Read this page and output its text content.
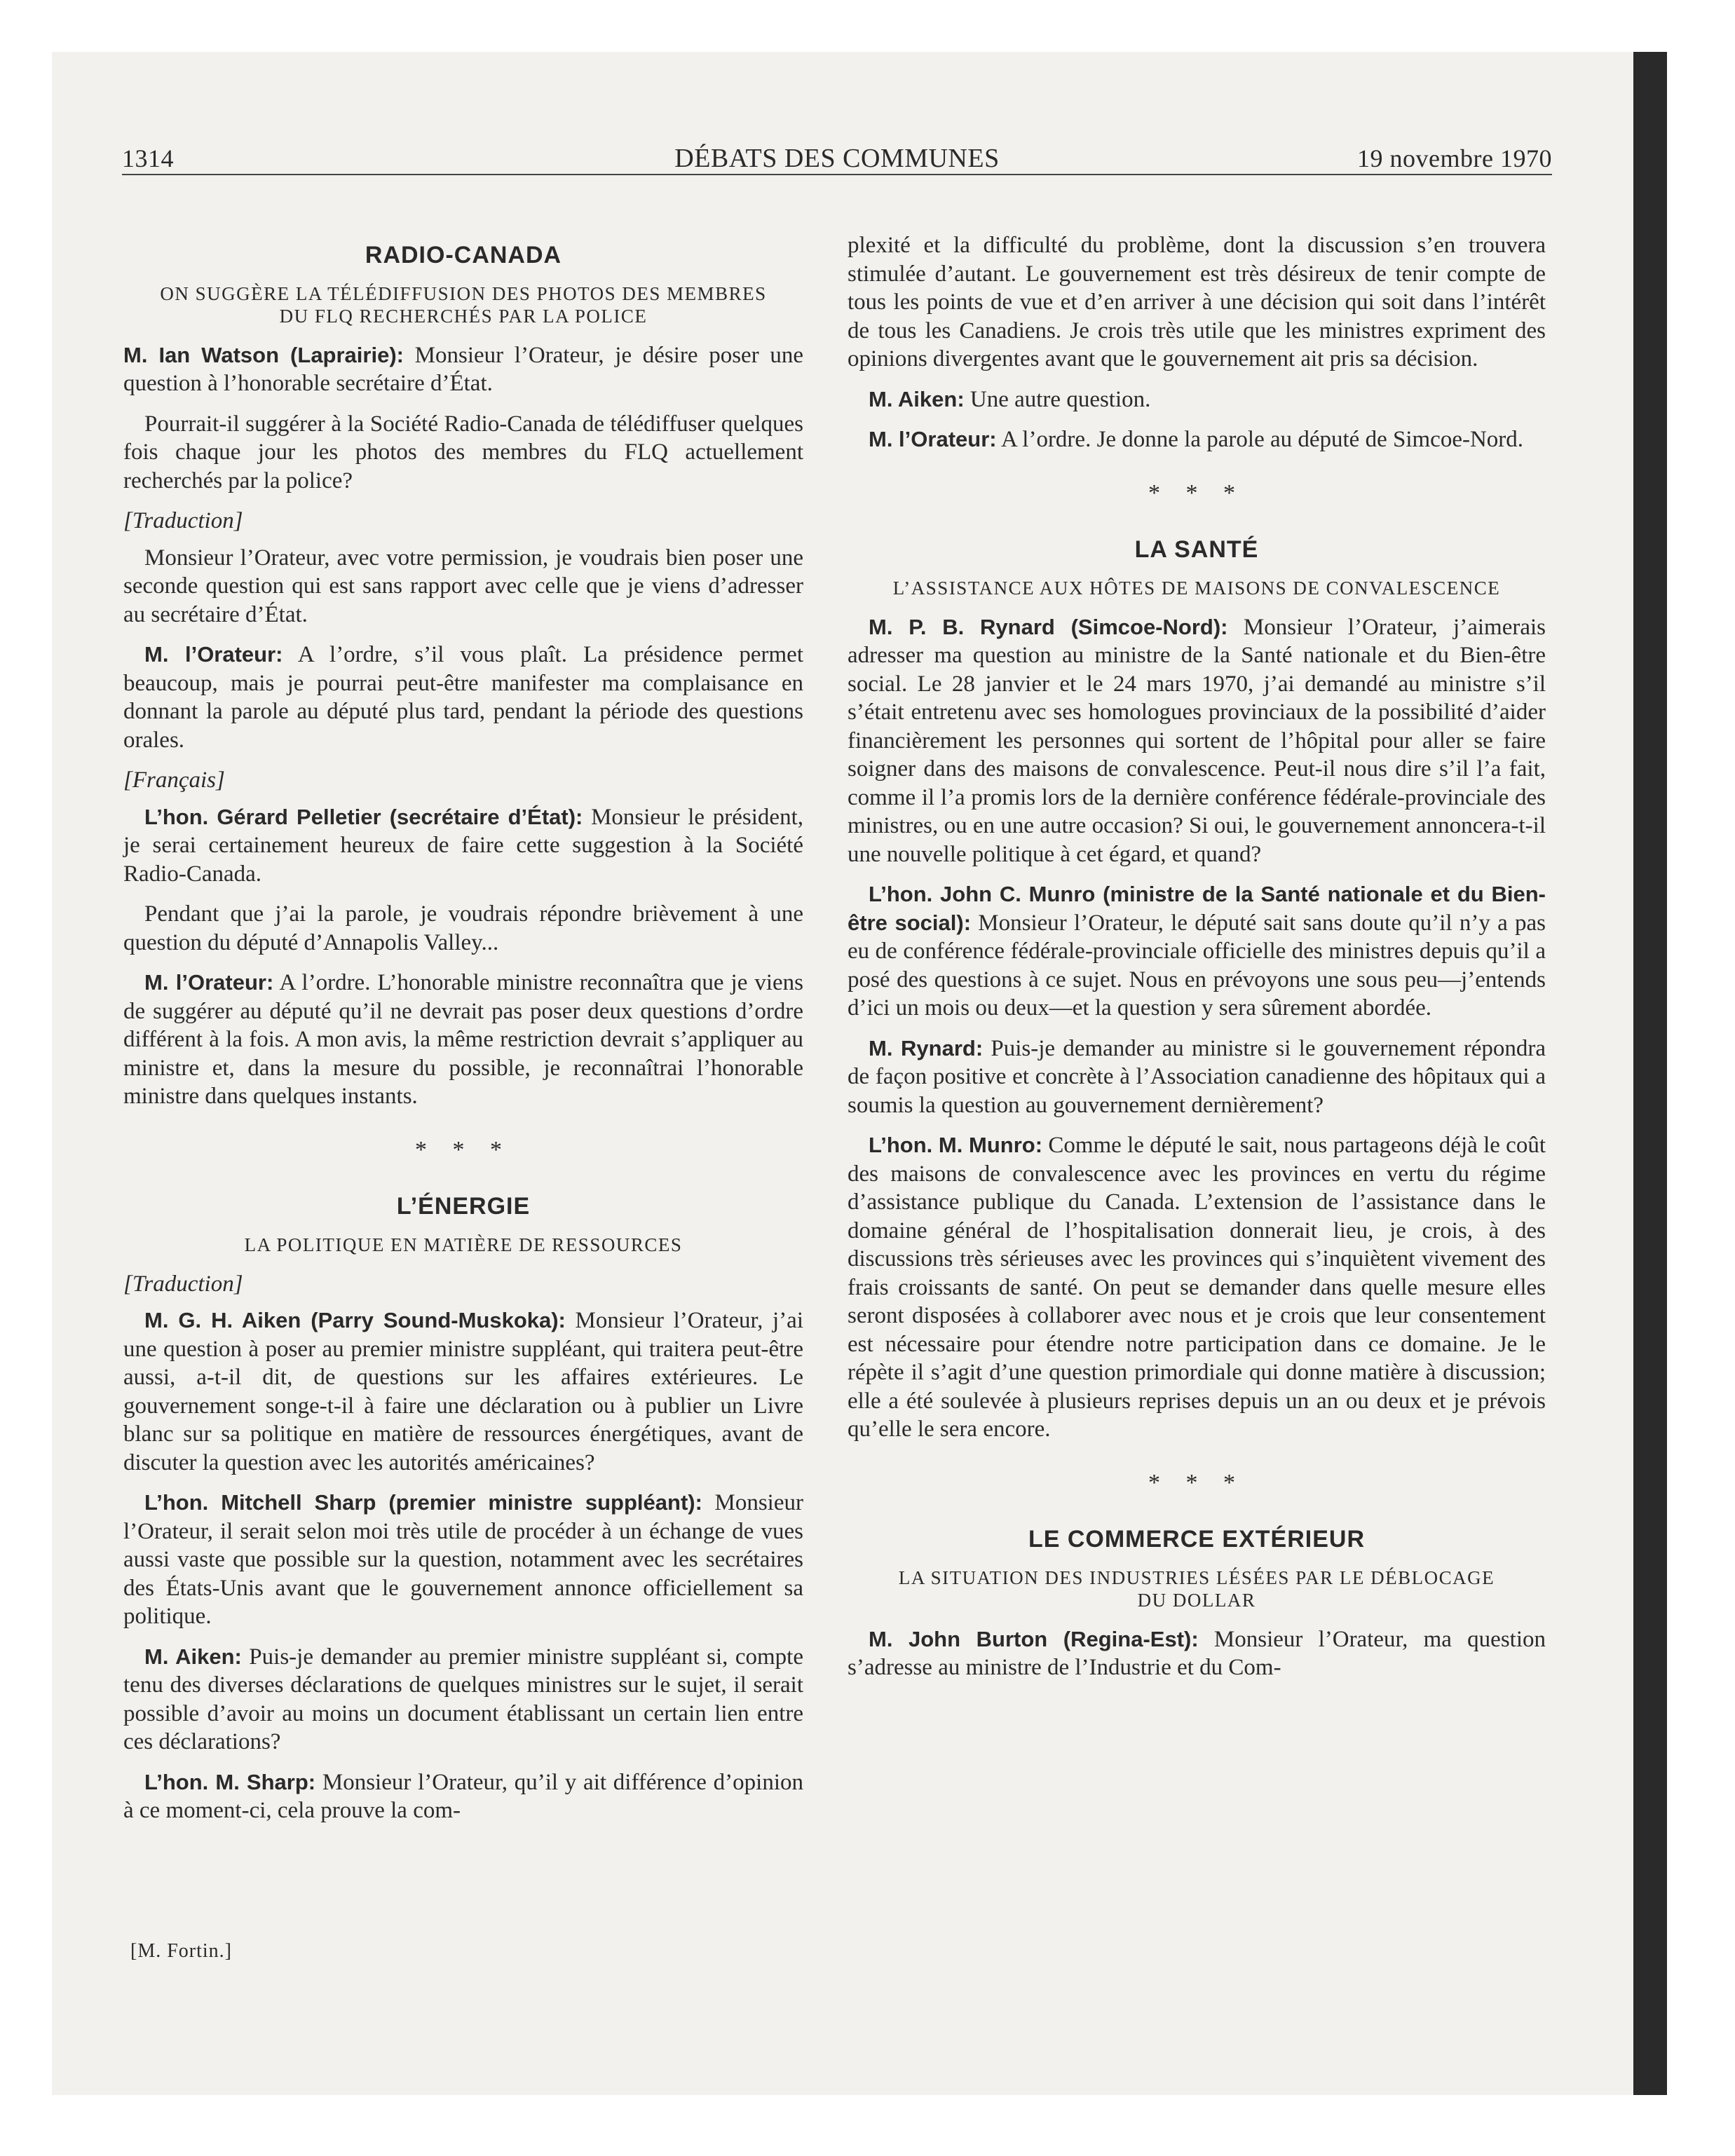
1314	DÉBATS DES COMMUNES	19 novembre 1970
RADIO-CANADA
ON SUGGÈRE LA TÉLÉDIFFUSION DES PHOTOS DES MEMBRES DU FLQ RECHERCHÉS PAR LA POLICE

M. Ian Watson (Laprairie): Monsieur l’Orateur, je désire poser une question à l’honorable secrétaire d’État.

Pourrait-il suggérer à la Société Radio-Canada de télédiffuser quelques fois chaque jour les photos des membres du FLQ actuellement recherchés par la police?

[Traduction]

Monsieur l’Orateur, avec votre permission, je voudrais bien poser une seconde question qui est sans rapport avec celle que je viens d’adresser au secrétaire d’État.

M. l’Orateur: A l’ordre, s’il vous plaît. La présidence permet beaucoup, mais je pourrai peut-être manifester ma complaisance en donnant la parole au député plus tard, pendant la période des questions orales.

[Français]

L’hon. Gérard Pelletier (secrétaire d’État): Monsieur le président, je serai certainement heureux de faire cette suggestion à la Société Radio-Canada.

Pendant que j’ai la parole, je voudrais répondre brièvement à une question du député d’Annapolis Valley...

M. l’Orateur: A l’ordre. L’honorable ministre reconnaîtra que je viens de suggérer au député qu’il ne devrait pas poser deux questions d’ordre différent à la fois. A mon avis, la même restriction devrait s’appliquer au ministre et, dans la mesure du possible, je reconnaîtrai l’honorable ministre dans quelques instants.

* * *
L’ÉNERGIE
LA POLITIQUE EN MATIÈRE DE RESSOURCES
[Traduction]

M. G. H. Aiken (Parry Sound-Muskoka): Monsieur l’Orateur, j’ai une question à poser au premier ministre suppléant, qui traitera peut-être aussi, a-t-il dit, de questions sur les affaires extérieures. Le gouvernement songe-t-il à faire une déclaration ou à publier un Livre blanc sur sa politique en matière de ressources énergétiques, avant de discuter la question avec les autorités américaines?

L’hon. Mitchell Sharp (premier ministre suppléant): Monsieur l’Orateur, il serait selon moi très utile de procéder à un échange de vues aussi vaste que possible sur la question, notamment avec les secrétaires des États-Unis avant que le gouvernement annonce officiellement sa politique.

M. Aiken: Puis-je demander au premier ministre suppléant si, compte tenu des diverses déclarations de quelques ministres sur le sujet, il serait possible d’avoir au moins un document établissant un certain lien entre ces déclarations?

L’hon. M. Sharp: Monsieur l’Orateur, qu’il y ait différence d’opinion à ce moment-ci, cela prouve la com-

[M. Fortin.]

plexité et la difficulté du problème, dont la discussion s’en trouvera stimulée d’autant. Le gouvernement est très désireux de tenir compte de tous les points de vue et d’en arriver à une décision qui soit dans l’intérêt de tous les Canadiens. Je crois très utile que les ministres expriment des opinions divergentes avant que le gouvernement ait pris sa décision.

M. Aiken: Une autre question.

M. l’Orateur: A l’ordre. Je donne la parole au député de Simcoe-Nord.

* * *
LA SANTÉ
L’ASSISTANCE AUX HÔTES DE MAISONS DE CONVALESCENCE

M. P. B. Rynard (Simcoe-Nord): Monsieur l’Orateur, j’aimerais adresser ma question au ministre de la Santé nationale et du Bien-être social. Le 28 janvier et le 24 mars 1970, j’ai demandé au ministre s’il s’était entretenu avec ses homologues provinciaux de la possibilité d’aider financièrement les personnes qui sortent de l’hôpital pour aller se faire soigner dans des maisons de convalescence. Peut-il nous dire s’il l’a fait, comme il l’a promis lors de la dernière conférence fédérale-provinciale des ministres, ou en une autre occasion? Si oui, le gouvernement annoncera-t-il une nouvelle politique à cet égard, et quand?

L’hon. John C. Munro (ministre de la Santé nationale et du Bien-être social): Monsieur l’Orateur, le député sait sans doute qu’il n’y a pas eu de conférence fédérale-provinciale officielle des ministres depuis qu’il a posé des questions à ce sujet. Nous en prévoyons une sous peu—j’entends d’ici un mois ou deux—et la question y sera sûrement abordée.

M. Rynard: Puis-je demander au ministre si le gouvernement répondra de façon positive et concrète à l’Association canadienne des hôpitaux qui a soumis la question au gouvernement dernièrement?

L’hon. M. Munro: Comme le député le sait, nous partageons déjà le coût des maisons de convalescence avec les provinces en vertu du régime d’assistance publique du Canada. L’extension de l’assistance dans le domaine général de l’hospitalisation donnerait lieu, je crois, à des discussions très sérieuses avec les provinces qui s’inquiètent vivement des frais croissants de santé. On peut se demander dans quelle mesure elles seront disposées à collaborer avec nous et je crois que leur consentement est nécessaire pour étendre notre participation dans ce domaine. Je le répète il s’agit d’une question primordiale qui donne matière à discussion; elle a été soulevée à plusieurs reprises depuis un an ou deux et je prévois qu’elle le sera encore.

* * *
LE COMMERCE EXTÉRIEUR
LA SITUATION DES INDUSTRIES LÉSÉES PAR LE DÉBLOCAGE DU DOLLAR

M. John Burton (Regina-Est): Monsieur l’Orateur, ma question s’adresse au ministre de l’Industrie et du Com-
